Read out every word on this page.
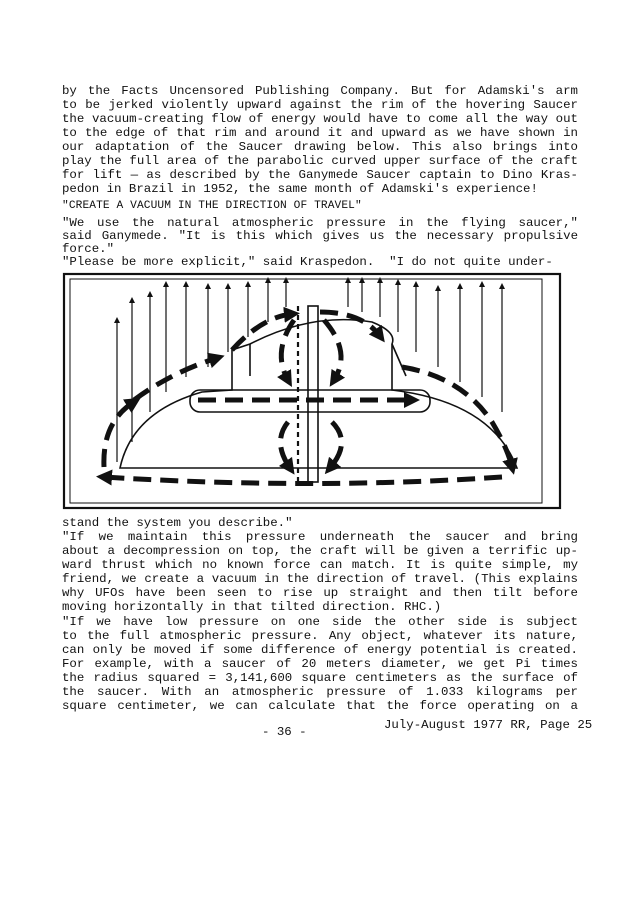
by the Facts Uncensored Publishing Company. But for Adamski's arm
to be jerked violently upward against the rim of the hovering Saucer
the vacuum-creating flow of energy would have to come all the way out
to the edge of that rim and around it and upward as we have shown in
our adaptation of the Saucer drawing below. This also brings into
play the full area of the parabolic curved upper surface of the craft
for lift — as described by the Ganymede Saucer captain to Dino Kras-
pedon in Brazil in 1952, the same month of Adamski's experience!
"CREATE A VACUUM IN THE DIRECTION OF TRAVEL"
"We use the natural atmospheric pressure in the flying saucer,"
said Ganymede. "It is this which gives us the necessary propulsive
force."
"Please be more explicit," said Kraspedon.  "I do not quite under-
stand the system you describe."
"If we maintain this pressure underneath the saucer and bring
about a decompression on top, the craft will be given a terrific up-
ward thrust which no known force can match. It is quite simple, my
friend, we create a vacuum in the direction of travel. (This explains
why UFOs have been seen to rise up straight and then tilt before
moving horizontally in that tilted direction. RHC.)
"If we have low pressure on one side the other side is subject
to the full atmospheric pressure. Any object, whatever its nature,
can only be moved if some difference of energy potential is created.
For example, with a saucer of 20 meters diameter, we get Pi times
the radius squared = 3,141,600 square centimeters as the surface of
the saucer. With an atmospheric pressure of 1.033 kilograms per
square centimeter, we can calculate that the force operating on a
July-August 1977 RR, Page 25
- 36 -
